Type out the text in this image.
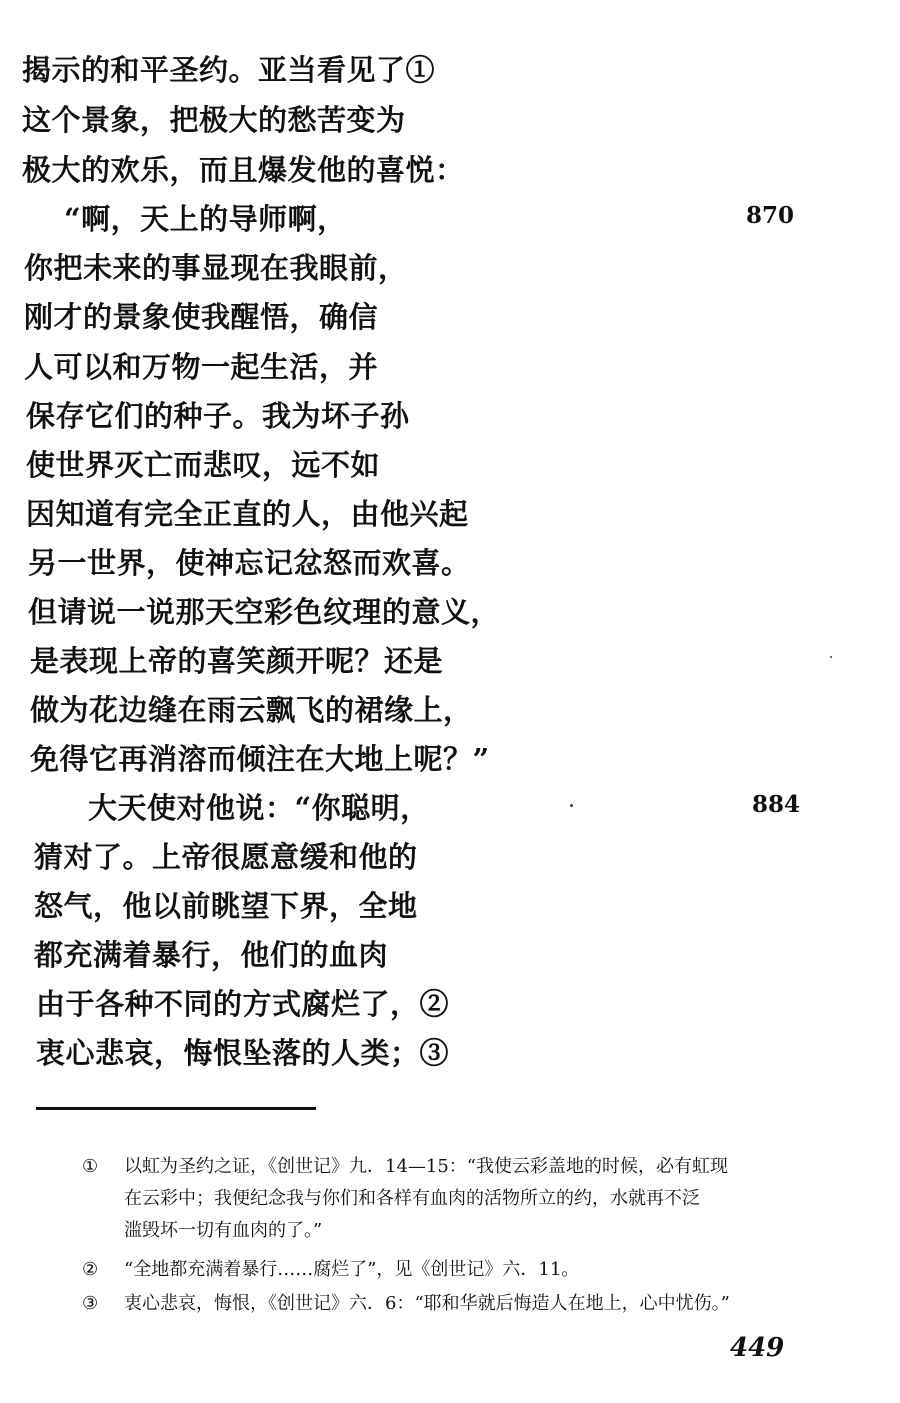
揭示的和平圣约。亚当看见了①
这个景象，把极大的愁苦变为
极大的欢乐，而且爆发他的喜悦：
“啊，天上的导师啊，
你把未来的事显现在我眼前，
刚才的景象使我醒悟，确信
人可以和万物一起生活，并
保存它们的种子。我为坏子孙
使世界灭亡而悲叹，远不如
因知道有完全正直的人，由他兴起
另一世界，使神忘记忿怒而欢喜。
但请说一说那天空彩色纹理的意义，
是表现上帝的喜笑颜开呢？还是
做为花边缝在雨云飘飞的裙缘上，
免得它再消溶而倾注在大地上呢？”
大天使对他说：“你聪明，
猜对了。上帝很愿意缓和他的
怒气，他以前眺望下界，全地
都充满着暴行，他们的血肉
由于各种不同的方式腐烂了，②
衷心悲哀，悔恨坠落的人类；③
870
884
①	以虹为圣约之证，《创世记》九．14—15：“我使云彩盖地的时候，必有虹现
在云彩中；我便纪念我与你们和各样有血肉的活物所立的约，水就再不泛
滥毁坏一切有血肉的了。”
②	“全地都充满着暴行……腐烂了”，见《创世记》六．11。
③	衷心悲哀，悔恨，《创世记》六．6：“耶和华就后悔造人在地上，心中忧伤。”
449
